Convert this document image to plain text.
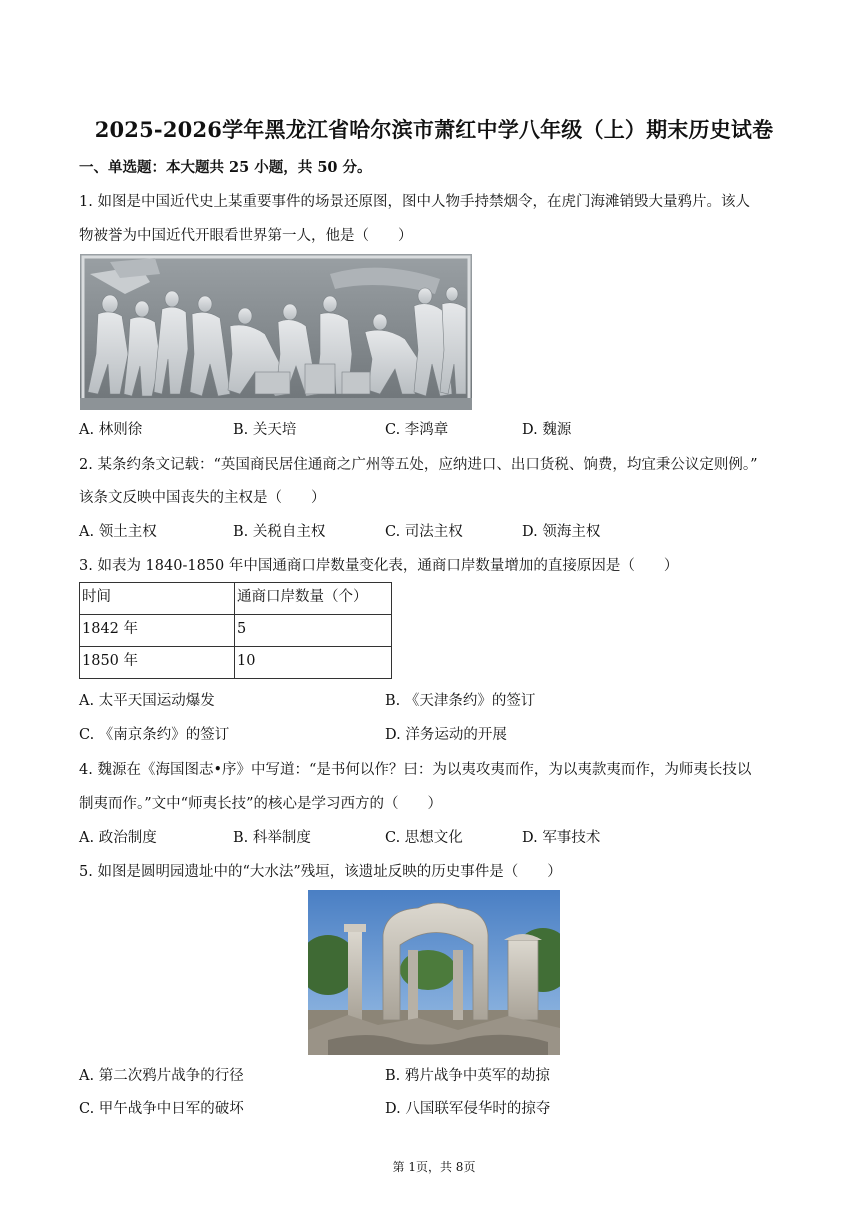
2025-2026学年黑龙江省哈尔滨市萧红中学八年级（上）期末历史试卷
一、单选题：本大题共 25 小题，共 50 分。
1. 如图是中国近代史上某重要事件的场景还原图，图中人物手持禁烟令，在虎门海滩销毁大量鸦片。该人
物被誉为中国近代开眼看世界第一人，他是（　　）
A. 林则徐	B. 关天培	C. 李鸿章	D. 魏源
2. 某条约条文记载：“英国商民居住通商之广州等五处，应纳进口、出口货税、饷费，均宜秉公议定则例。”
该条文反映中国丧失的主权是（　　）
A. 领土主权	B. 关税自主权	C. 司法主权	D. 领海主权
3. 如表为 1840-1850 年中国通商口岸数量变化表，通商口岸数量增加的直接原因是（　　）
时间	通商口岸数量（个）
1842 年	5
1850 年	10
A. 太平天国运动爆发	B. 《天津条约》的签订
C. 《南京条约》的签订	D. 洋务运动的开展
4. 魏源在《海国图志•序》中写道：“是书何以作？曰：为以夷攻夷而作，为以夷款夷而作，为师夷长技以
制夷而作。”文中“师夷长技”的核心是学习西方的（　　）
A. 政治制度	B. 科举制度	C. 思想文化	D. 军事技术
5. 如图是圆明园遗址中的“大水法”残垣，该遗址反映的历史事件是（　　）
A. 第二次鸦片战争的行径	B. 鸦片战争中英军的劫掠
C. 甲午战争中日军的破坏	D. 八国联军侵华时的掠夺
第 1页，共 8页
